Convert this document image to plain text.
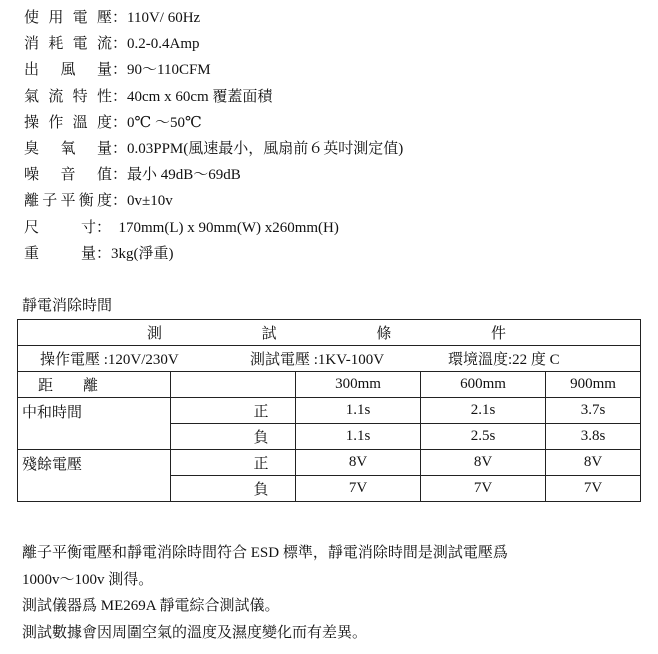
使用電壓：110V/ 60Hz
消耗電流：0.2-0.4Amp
出風量：90～110CFM
氣流特性：40cm x 60cm 覆蓋面積
操作溫度：0℃ ～50℃
臭氧量：0.03PPM(風速最小，風扇前６英吋測定值)
噪音值：最小 49dB～69dB
離子平衡度：0v±10v
尺寸：  170mm(L) x 90mm(W) x260mm(H)
重量：3kg(淨重)
靜電消除時間
測 試 條 件				

操作電壓 :120V/230V 測試電壓 :1KV-100V 環境溫度:22 度 C				
距　　離		300mm	600mm	900mm
中和時間	正	1.1s	2.1s	3.7s
	負	1.1s	2.5s	3.8s
殘餘電壓	正	8V	8V	8V
	負	7V	7V	7V
離子平衡電壓和靜電消除時間符合 ESD 標準，靜電消除時間是測試電壓爲
1000v～100v 測得。
測試儀器爲 ME269A 靜電綜合測試儀。
測試數據會因周圍空氣的溫度及濕度變化而有差異。
